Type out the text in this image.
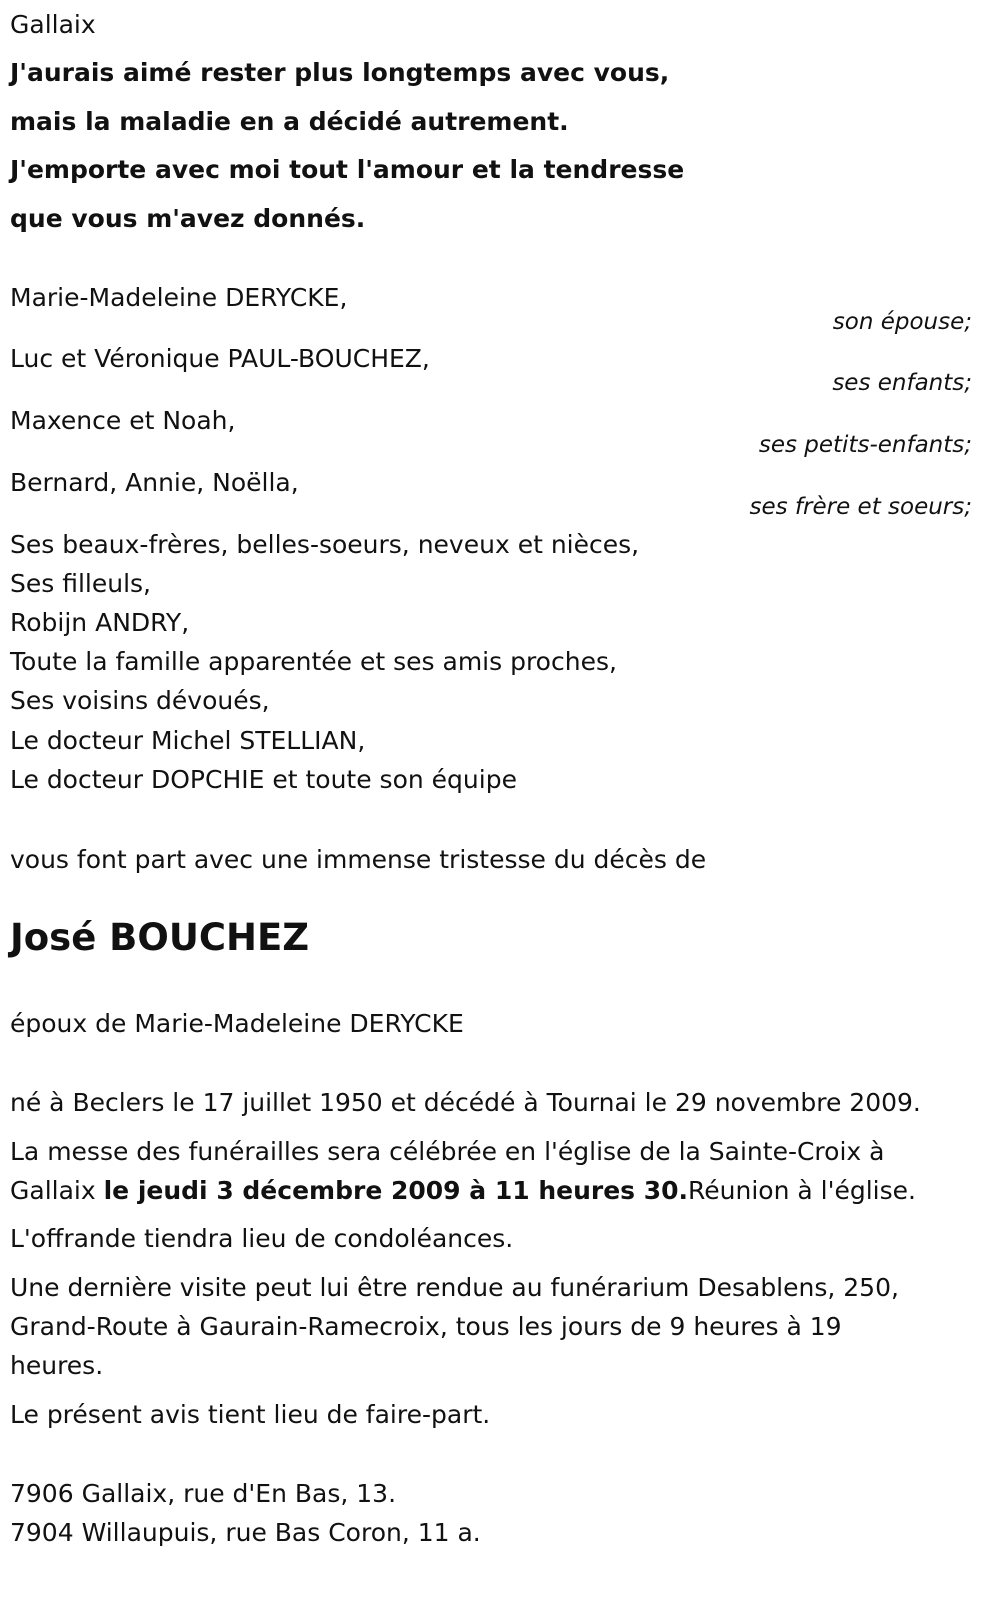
Gallaix
J'aurais aimé rester plus longtemps avec vous,
mais la maladie en a décidé autrement.
J'emporte avec moi tout l'amour et la tendresse
que vous m'avez donnés.
Marie-Madeleine DERYCKE,
son épouse;
Luc et Véronique PAUL-BOUCHEZ,
ses enfants;
Maxence et Noah,
ses petits-enfants;
Bernard, Annie, Noëlla,
ses frère et soeurs;
Ses beaux-frères, belles-soeurs, neveux et nièces,
Ses filleuls,
Robijn ANDRY,
Toute la famille apparentée et ses amis proches,
Ses voisins dévoués,
Le docteur Michel STELLIAN,
Le docteur DOPCHIE et toute son équipe
vous font part avec une immense tristesse du décès de
José BOUCHEZ
époux de Marie-Madeleine DERYCKE
né à Beclers le 17 juillet 1950 et décédé à Tournai le 29 novembre 2009.
La messe des funérailles sera célébrée en l'église de la Sainte-Croix à
Gallaix le jeudi 3 décembre 2009 à 11 heures 30.Réunion à l'église.
L'offrande tiendra lieu de condoléances.
Une dernière visite peut lui être rendue au funérarium Desablens, 250,
Grand-Route à Gaurain-Ramecroix, tous les jours de 9 heures à 19
heures.
Le présent avis tient lieu de faire-part.
7906 Gallaix, rue d'En Bas, 13.
7904 Willaupuis, rue Bas Coron, 11 a.
